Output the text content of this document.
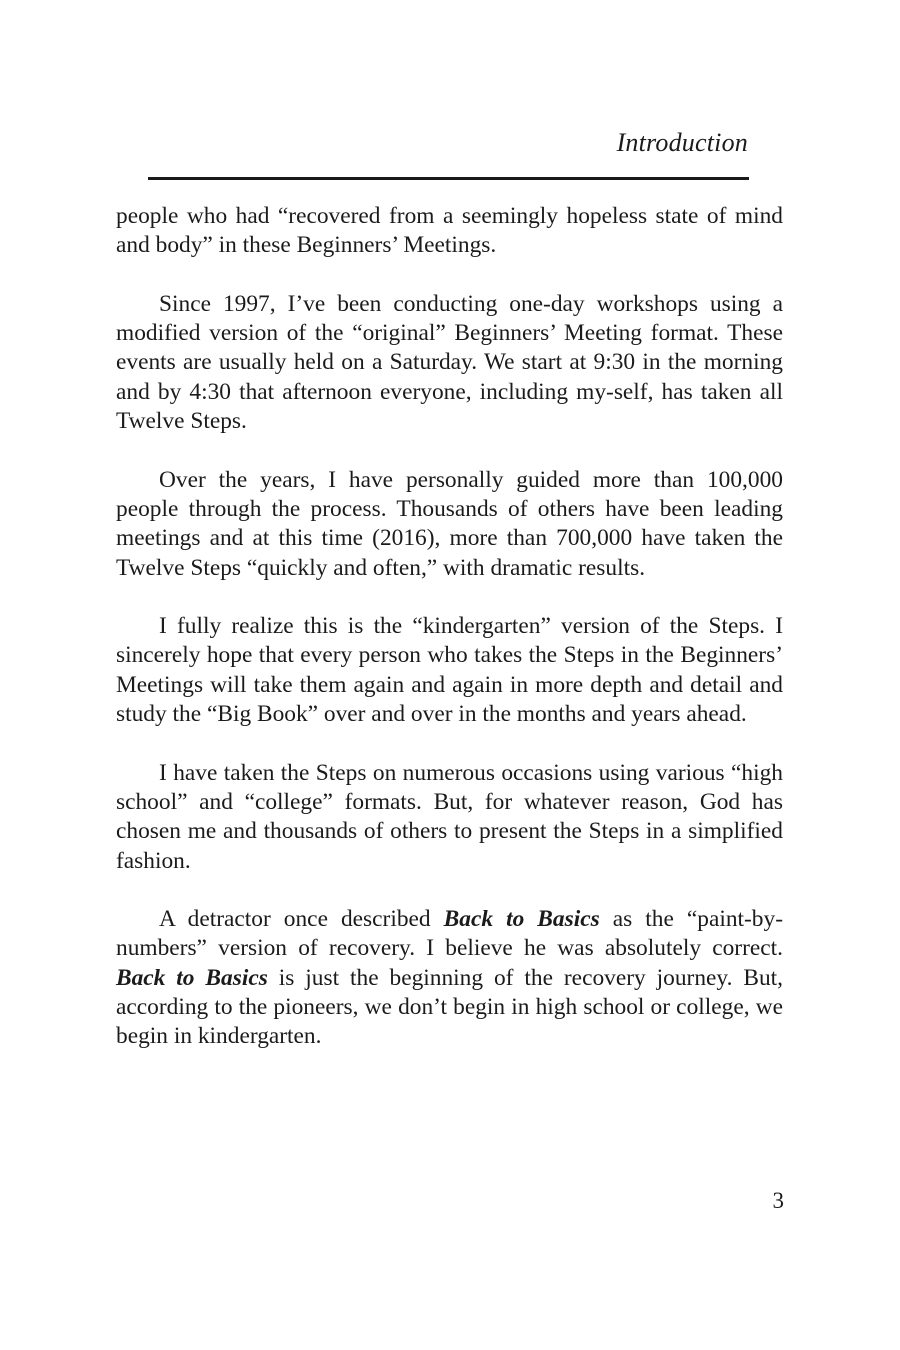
Introduction

people who had “recovered from a seemingly hopeless state of mind and body” in these Beginners’ Meetings.

Since 1997, I’ve been conducting one-day workshops using a modified version of the “original” Beginners’ Meeting format. These events are usually held on a Saturday. We start at 9:30 in the morning and by 4:30 that afternoon everyone, including my-self, has taken all Twelve Steps.

Over the years, I have personally guided more than 100,000 people through the process. Thousands of others have been leading meetings and at this time (2016), more than 700,000 have taken the Twelve Steps “quickly and often,” with dramatic results.

I fully realize this is the “kindergarten” version of the Steps. I sincerely hope that every person who takes the Steps in the Beginners’ Meetings will take them again and again in more depth and detail and study the “Big Book” over and over in the months and years ahead.

I have taken the Steps on numerous occasions using various “high school” and “college” formats. But, for whatever reason, God has chosen me and thousands of others to present the Steps in a simplified fashion.

A detractor once described Back to Basics as the “paint-by-numbers” version of recovery. I believe he was absolutely correct. Back to Basics is just the beginning of the recovery journey. But, according to the pioneers, we don’t begin in high school or college, we begin in kindergarten.

3
